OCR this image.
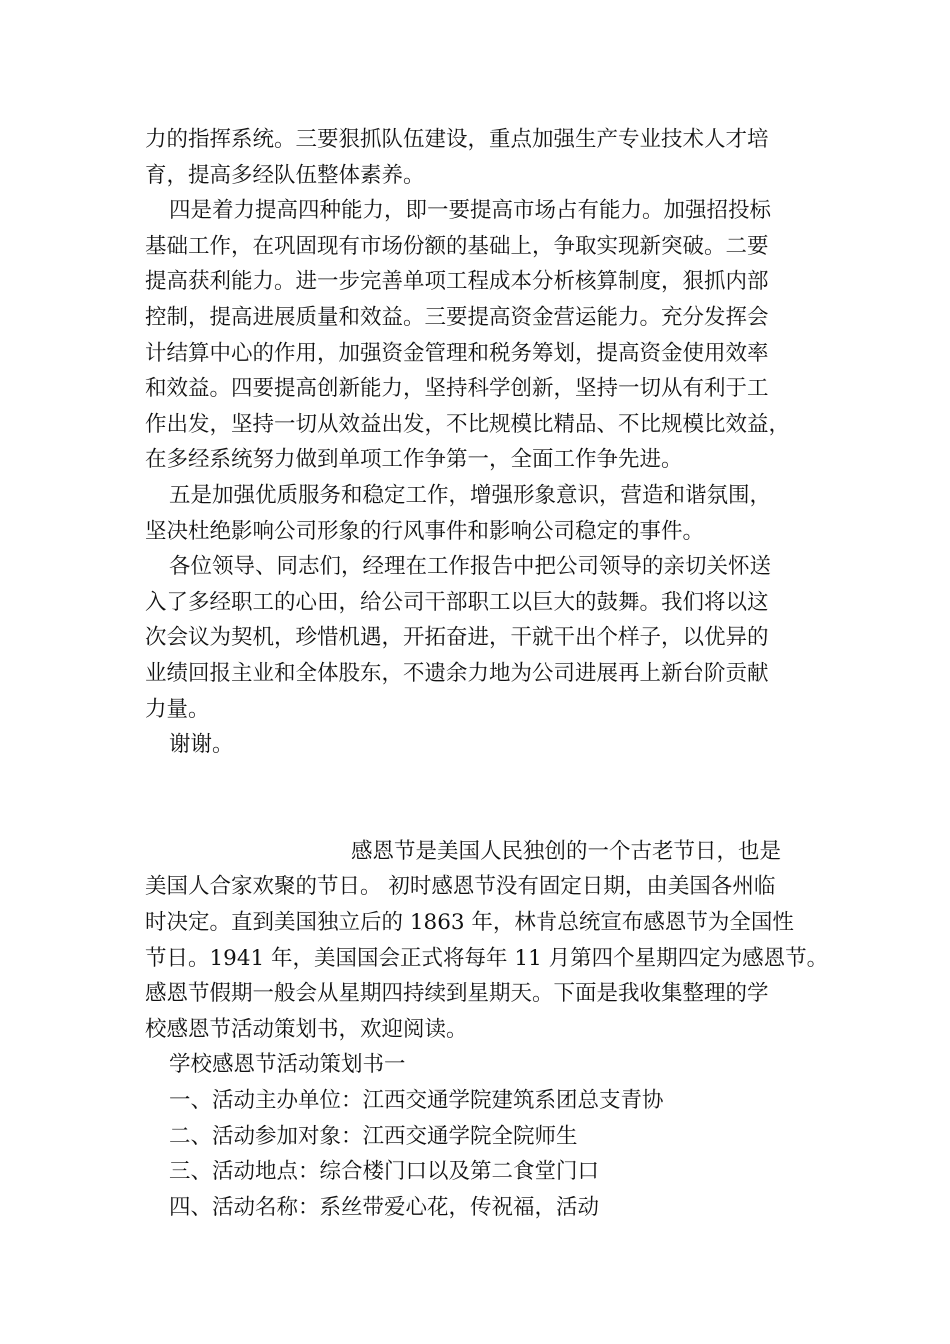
力的指挥系统。三要狠抓队伍建设，重点加强生产专业技术人才培
育，提高多经队伍整体素养。
四是着力提高四种能力，即一要提高市场占有能力。加强招投标
基础工作，在巩固现有市场份额的基础上，争取实现新突破。二要
提高获利能力。进一步完善单项工程成本分析核算制度，狠抓内部
控制，提高进展质量和效益。三要提高资金营运能力。充分发挥会
计结算中心的作用，加强资金管理和税务筹划，提高资金使用效率
和效益。四要提高创新能力，坚持科学创新，坚持一切从有利于工
作出发，坚持一切从效益出发，不比规模比精品、不比规模比效益，
在多经系统努力做到单项工作争第一，全面工作争先进。
五是加强优质服务和稳定工作，增强形象意识，营造和谐氛围，
坚决杜绝影响公司形象的行风事件和影响公司稳定的事件。
各位领导、同志们，经理在工作报告中把公司领导的亲切关怀送
入了多经职工的心田，给公司干部职工以巨大的鼓舞。我们将以这
次会议为契机，珍惜机遇，开拓奋进，干就干出个样子，以优异的
业绩回报主业和全体股东，不遗余力地为公司进展再上新台阶贡献
力量。
谢谢。
感恩节是美国人民独创的一个古老节日，也是
美国人合家欢聚的节日。 初时感恩节没有固定日期，由美国各州临
时决定。直到美国独立后的 1863 年，林肯总统宣布感恩节为全国性
节日。1941 年，美国国会正式将每年 11 月第四个星期四定为感恩节。
感恩节假期一般会从星期四持续到星期天。下面是我收集整理的学
校感恩节活动策划书，欢迎阅读。
学校感恩节活动策划书一
一、活动主办单位：江西交通学院建筑系团总支青协
二、活动参加对象：江西交通学院全院师生
三、活动地点：综合楼门口以及第二食堂门口
四、活动名称：系丝带爱心花，传祝福，活动
